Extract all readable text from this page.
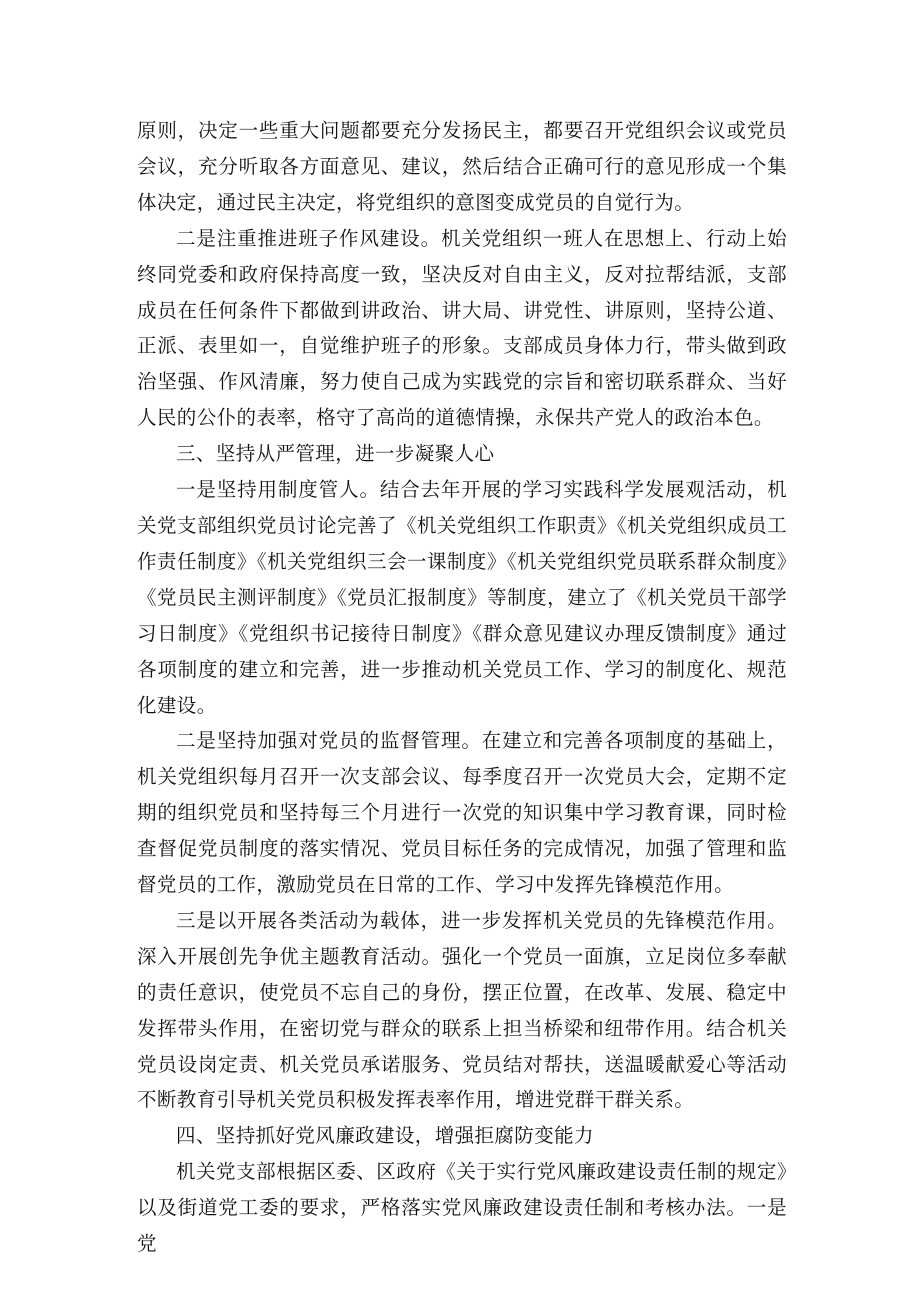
原则，决定一些重大问题都要充分发扬民主，都要召开党组织会议或党员会议，充分听取各方面意见、建议，然后结合正确可行的意见形成一个集体决定，通过民主决定，将党组织的意图变成党员的自觉行为。

二是注重推进班子作风建设。机关党组织一班人在思想上、行动上始终同党委和政府保持高度一致，坚决反对自由主义，反对拉帮结派，支部成员在任何条件下都做到讲政治、讲大局、讲党性、讲原则，坚持公道、正派、表里如一，自觉维护班子的形象。支部成员身体力行，带头做到政治坚强、作风清廉，努力使自己成为实践党的宗旨和密切联系群众、当好人民的公仆的表率，格守了高尚的道德情操，永保共产党人的政治本色。

三、坚持从严管理，进一步凝聚人心

一是坚持用制度管人。结合去年开展的学习实践科学发展观活动，机关党支部组织党员讨论完善了《机关党组织工作职责》《机关党组织成员工作责任制度》《机关党组织三会一课制度》《机关党组织党员联系群众制度》《党员民主测评制度》《党员汇报制度》等制度，建立了《机关党员干部学习日制度》《党组织书记接待日制度》《群众意见建议办理反馈制度》通过各项制度的建立和完善，进一步推动机关党员工作、学习的制度化、规范化建设。

二是坚持加强对党员的监督管理。在建立和完善各项制度的基础上，机关党组织每月召开一次支部会议、每季度召开一次党员大会，定期不定期的组织党员和坚持每三个月进行一次党的知识集中学习教育课，同时检查督促党员制度的落实情况、党员目标任务的完成情况，加强了管理和监督党员的工作，激励党员在日常的工作、学习中发挥先锋模范作用。

三是以开展各类活动为载体，进一步发挥机关党员的先锋模范作用。深入开展创先争优主题教育活动。强化一个党员一面旗，立足岗位多奉献的责任意识，使党员不忘自己的身份，摆正位置，在改革、发展、稳定中发挥带头作用，在密切党与群众的联系上担当桥梁和纽带作用。结合机关党员设岗定责、机关党员承诺服务、党员结对帮扶，送温暖献爱心等活动不断教育引导机关党员积极发挥表率作用，增进党群干群关系。

四、坚持抓好党风廉政建设，增强拒腐防变能力

机关党支部根据区委、区政府《关于实行党风廉政建设责任制的规定》以及街道党工委的要求，严格落实党风廉政建设责任制和考核办法。一是党
